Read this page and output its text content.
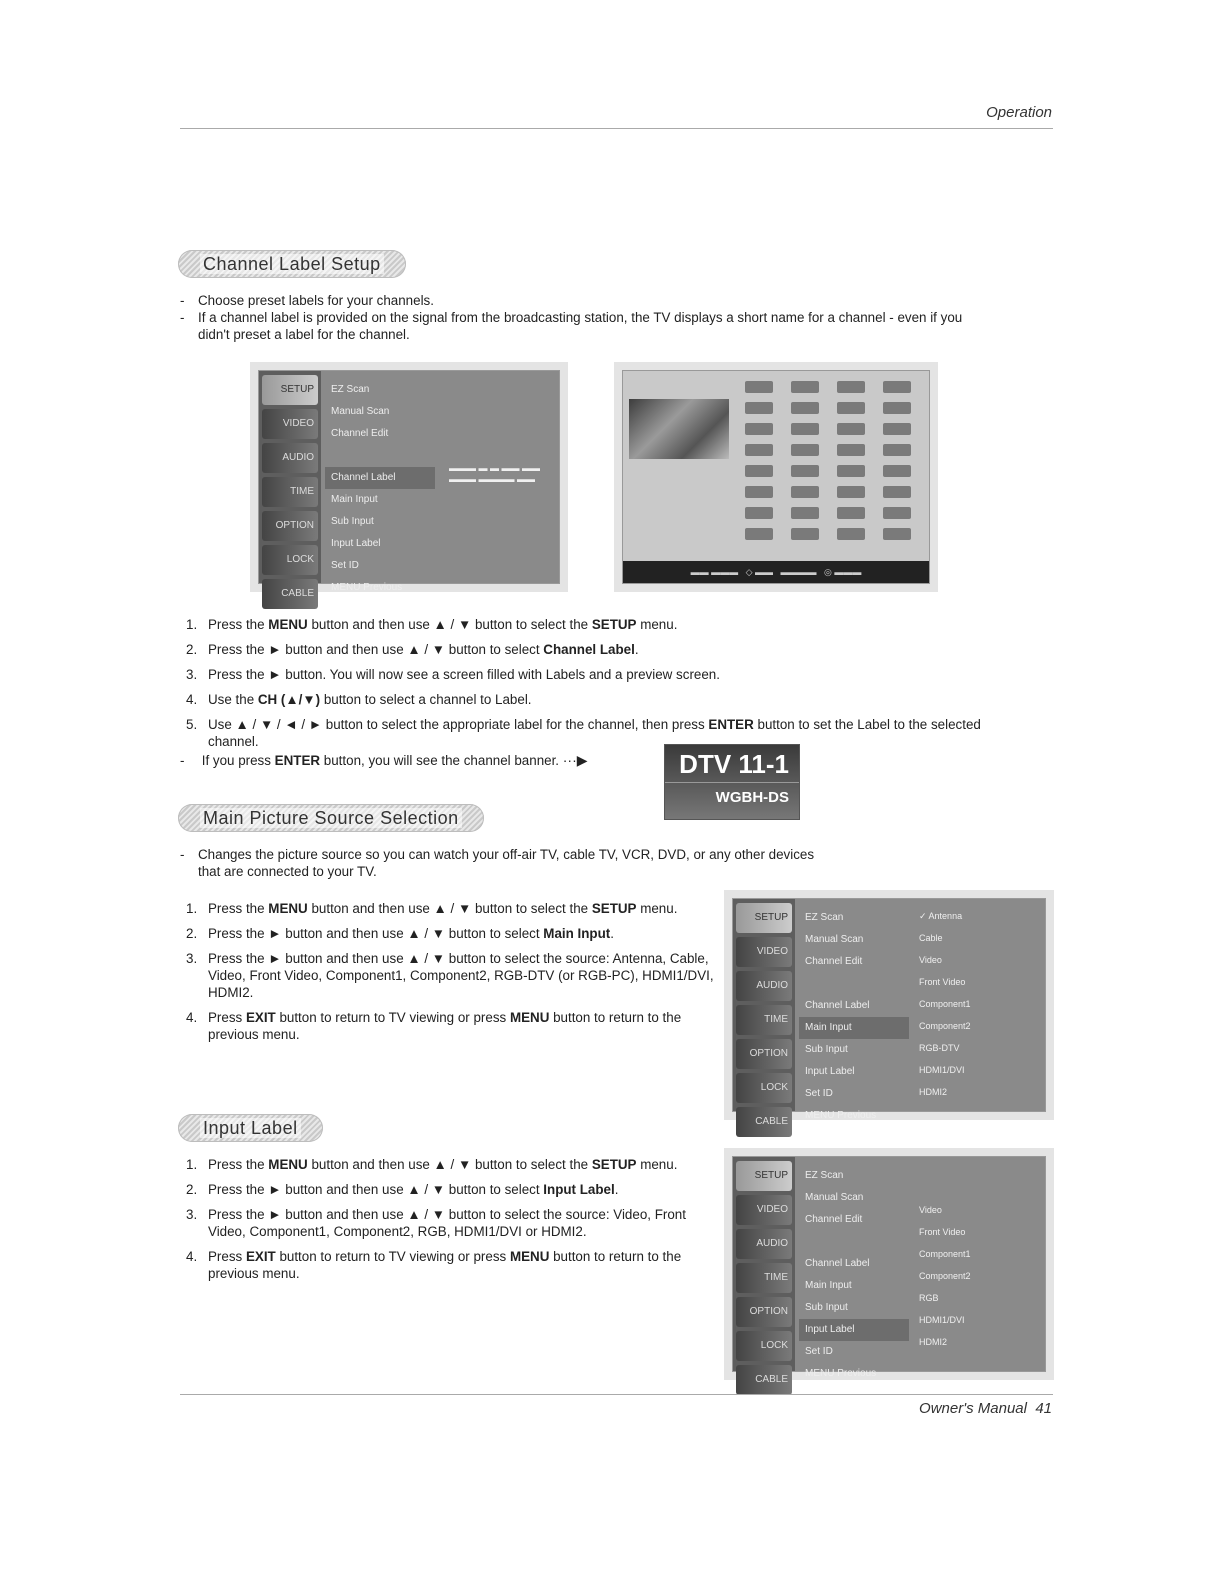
Operation
Channel Label Setup
- Choose preset labels for your channels.
- If a channel label is provided on the signal from the broadcasting station, the TV displays a short name for a channel - even if you didn't preset a label for the channel.
SETUP
VIDEO
AUDIO
TIME
OPTION
LOCK
CABLE
EZ Scan
Manual Scan
Channel Edit
Channel Label
Main Input
Sub Input
Input Label
Set ID
MENU Previous
▬▬▬ ▬ ▬ ▬▬ ▬▬
▬▬▬ ▬▬▬▬ ▬▬
▬▬ ▬▬▬   ◇ ▬▬   ▬▬▬▬   ◎ ▬▬▬
1. Press the MENU button and then use ▲ / ▼ button to select the SETUP menu.
2. Press the ► button and then use ▲ / ▼ button to select Channel Label.
3. Press the ► button. You will now see a screen filled with Labels and a preview screen.
4. Use the CH (▲/▼) button to select a channel to Label.
5. Use ▲ / ▼ / ◄ / ► button to select the appropriate label for the channel, then press ENTER button to set the Label to the selected channel.
- If you press ENTER button, you will see the channel banner. ···▶	DTV 11-1
WGBH-DS
Main Picture Source Selection
- Changes the picture source so you can watch your off-air TV, cable TV, VCR, DVD, or any other devices that are connected to your TV.
1. Press the MENU button and then use ▲ / ▼ button to select the SETUP menu.
2. Press the ► button and then use ▲ / ▼ button to select Main Input.
3. Press the ► button and then use ▲ / ▼ button to select the source: Antenna, Cable, Video, Front Video, Component1, Component2, RGB-DTV (or RGB-PC), HDMI1/DVI, HDMI2.
4. Press EXIT button to return to TV viewing or press MENU button to return to the previous menu.
SETUP
VIDEO
AUDIO
TIME
OPTION
LOCK
CABLE
EZ Scan
Manual Scan
Channel Edit
Channel Label
Main Input
Sub Input
Input Label
Set ID
MENU Previous
✓ Antenna
Cable
Video
Front Video
Component1
Component2
RGB-DTV
HDMI1/DVI
HDMI2
Input Label
1. Press the MENU button and then use ▲ / ▼ button to select the SETUP menu.
2. Press the ► button and then use ▲ / ▼ button to select Input Label.
3. Press the ► button and then use ▲ / ▼ button to select the source: Video, Front Video, Component1, Component2, RGB, HDMI1/DVI or HDMI2.
4. Press EXIT button to return to TV viewing or press MENU button to return to the previous menu.
SETUP
VIDEO
AUDIO
TIME
OPTION
LOCK
CABLE
EZ Scan
Manual Scan
Channel Edit
Channel Label
Main Input
Sub Input
Input Label
Set ID
MENU Previous
Video
Front Video
Component1
Component2
RGB
HDMI1/DVI
HDMI2
Owner's Manual 41
